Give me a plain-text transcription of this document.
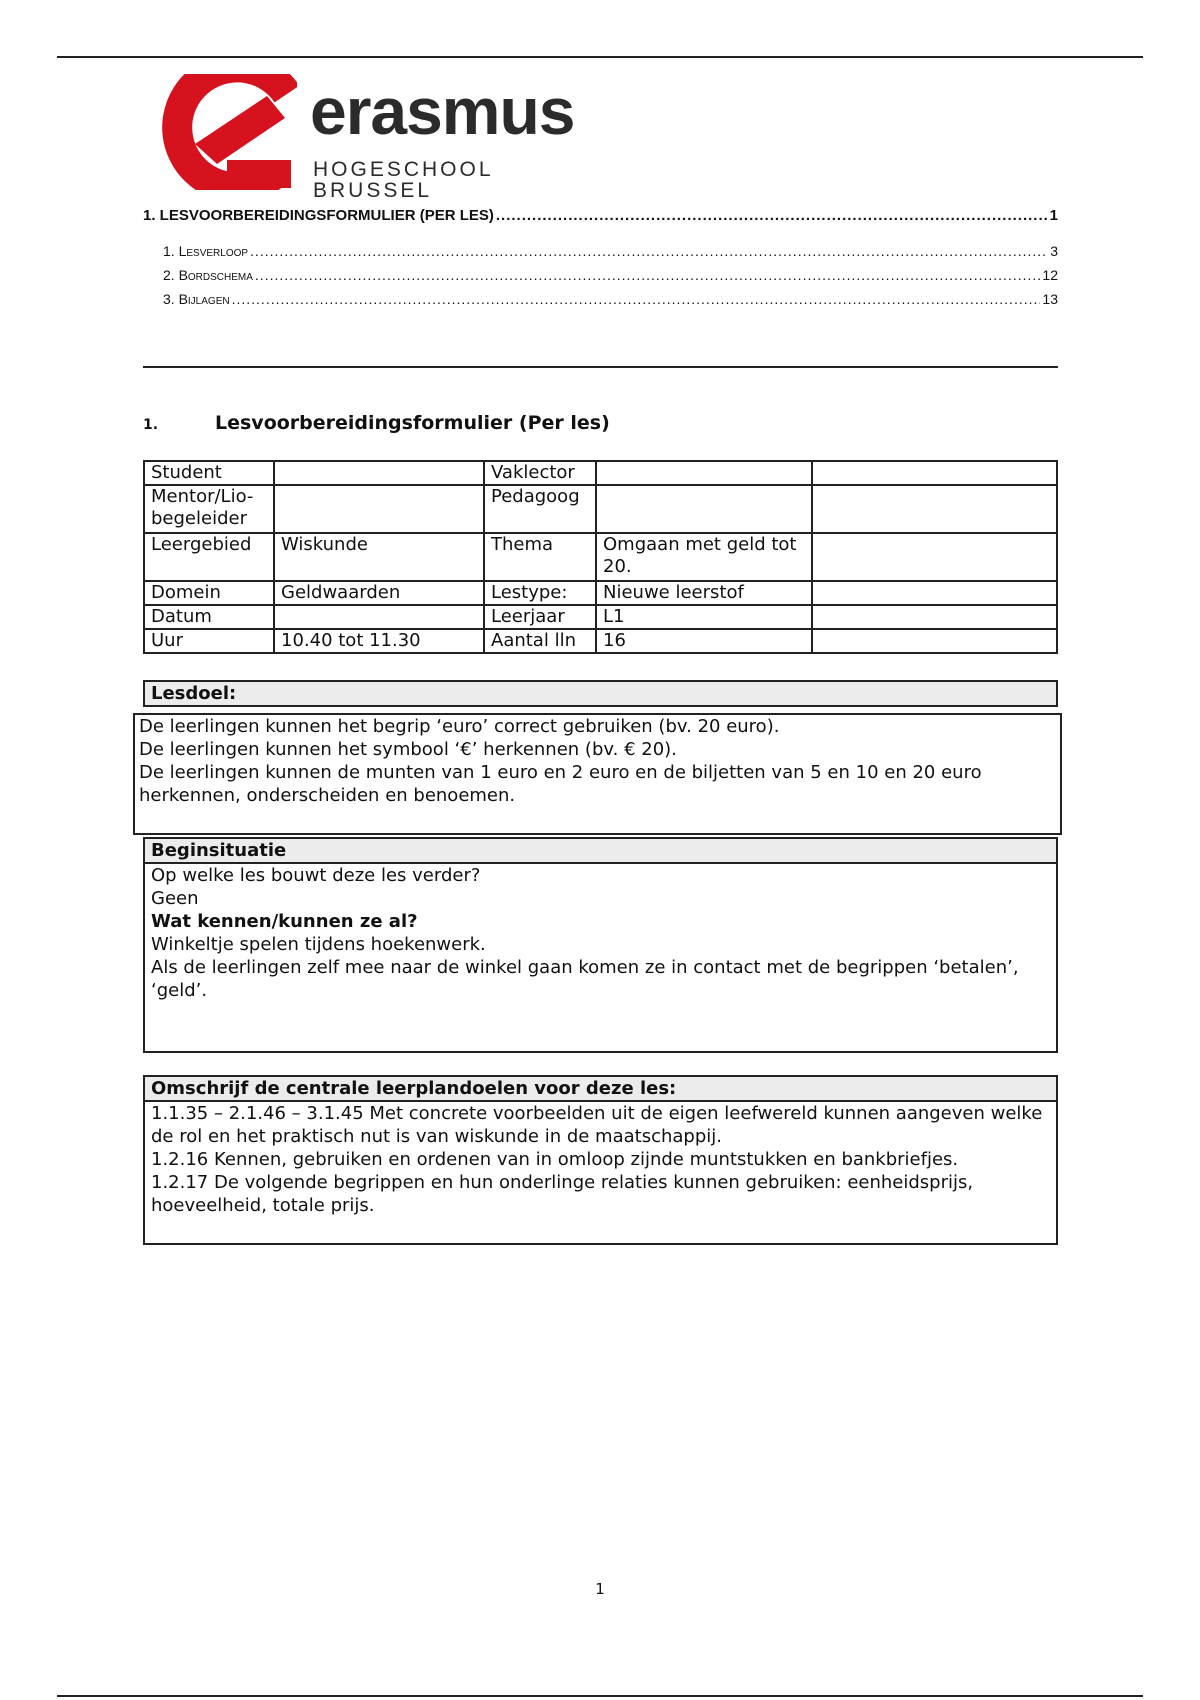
erasmus
HOGESCHOOL BRUSSEL
1. LESVOORBEREIDINGSFORMULIER (PER LES) .....	1
1. Lesverloop .....	3
2. Bordschema .....	12
3. Bijlagen .....	13
1.	Lesvoorbereidingsformulier (Per les)
Student		Vaklector		
Mentor/Lio-begeleider		Pedagoog		
Leergebied	Wiskunde	Thema	Omgaan met geld tot 20.	
Domein	Geldwaarden	Lestype:	Nieuwe leerstof	
Datum		Leerjaar	L1	
Uur	10.40 tot 11.30	Aantal lln	16	
Lesdoel:
De leerlingen kunnen het begrip ‘euro’ correct gebruiken (bv. 20 euro).
De leerlingen kunnen het symbool ‘€’ herkennen (bv. € 20).
De leerlingen kunnen de munten van 1 euro en 2 euro en de biljetten van 5 en 10 en 20 euro herkennen, onderscheiden en benoemen.
Beginsituatie
Op welke les bouwt deze les verder?
Geen
Wat kennen/kunnen ze al?
Winkeltje spelen tijdens hoekenwerk.
Als de leerlingen zelf mee naar de winkel gaan komen ze in contact met de begrippen ‘betalen’, ‘geld’.
Omschrijf de centrale leerplandoelen voor deze les:
1.1.35 – 2.1.46 – 3.1.45 Met concrete voorbeelden uit de eigen leefwereld kunnen aangeven welke de rol en het praktisch nut is van wiskunde in de maatschappij.
1.2.16 Kennen, gebruiken en ordenen van in omloop zijnde muntstukken en bankbriefjes.
1.2.17 De volgende begrippen en hun onderlinge relaties kunnen gebruiken: eenheidsprijs, hoeveelheid, totale prijs.
1
